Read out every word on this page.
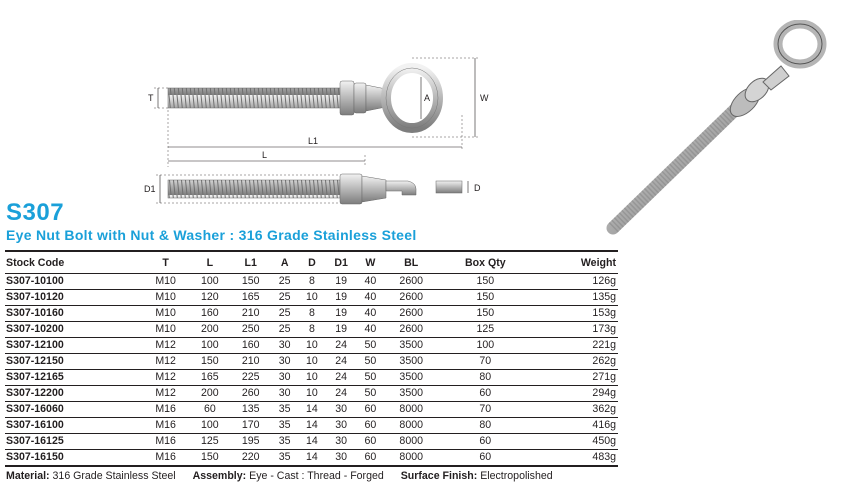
T	A	W
L1
L
D1	D
S307
Eye Nut Bolt with Nut & Washer : 316 Grade Stainless Steel
Stock Code	T	L	L1	A	D	D1	W	BL	Box Qty	Weight
S307-10100	M10	100	150	25	8	19	40	2600	150	126g
S307-10120	M10	120	165	25	10	19	40	2600	150	135g
S307-10160	M10	160	210	25	8	19	40	2600	150	153g
S307-10200	M10	200	250	25	8	19	40	2600	125	173g
S307-12100	M12	100	160	30	10	24	50	3500	100	221g
S307-12150	M12	150	210	30	10	24	50	3500	70	262g
S307-12165	M12	165	225	30	10	24	50	3500	80	271g
S307-12200	M12	200	260	30	10	24	50	3500	60	294g
S307-16060	M16	60	135	35	14	30	60	8000	70	362g
S307-16100	M16	100	170	35	14	30	60	8000	80	416g
S307-16125	M16	125	195	35	14	30	60	8000	60	450g
S307-16150	M16	150	220	35	14	30	60	8000	60	483g
Material: 316 Grade Stainless Steel Assembly: Eye - Cast : Thread - Forged Surface Finish: Electropolished
